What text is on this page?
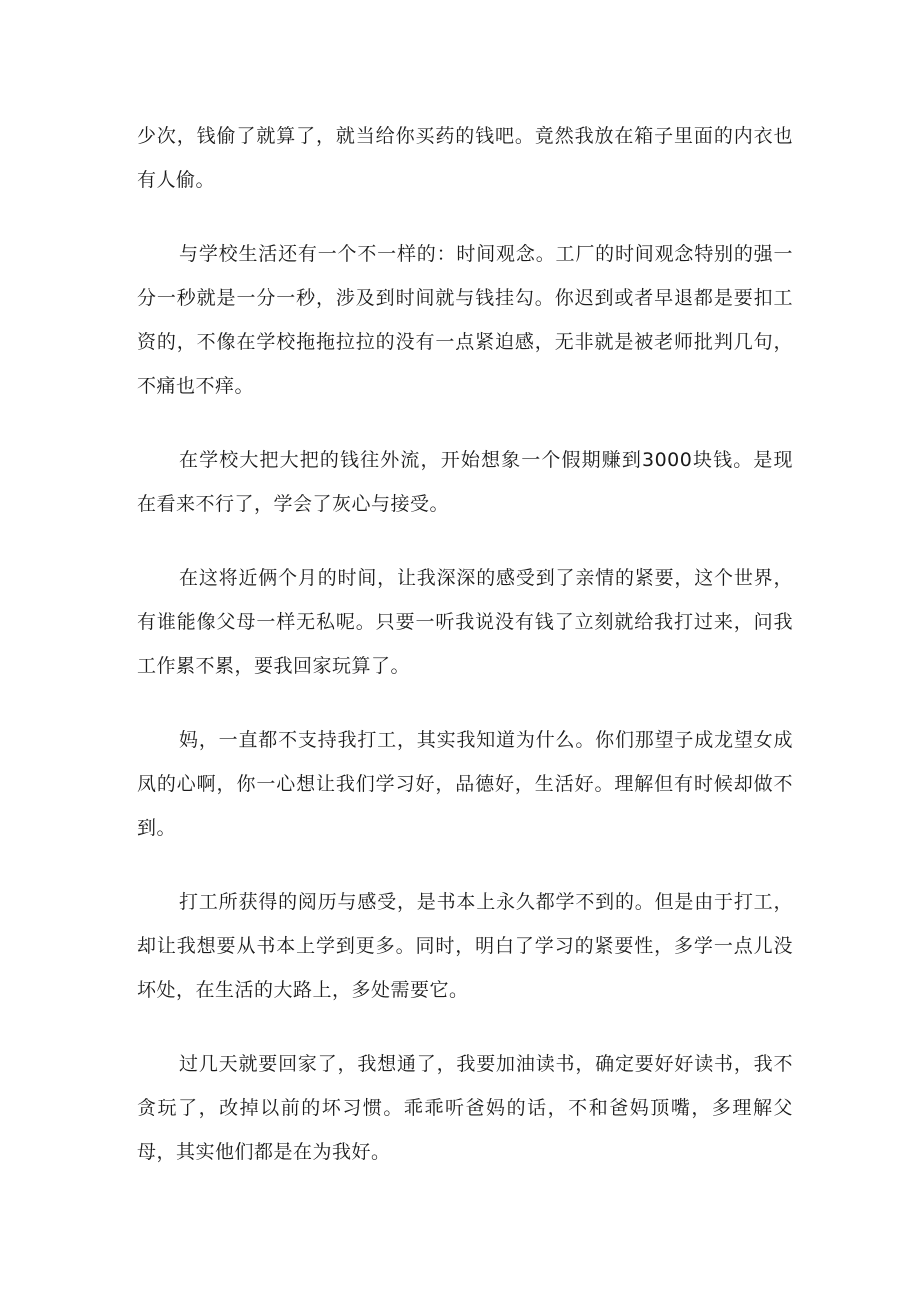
少次，钱偷了就算了，就当给你买药的钱吧。竟然我放在箱子里面的内衣也有人偷。

与学校生活还有一个不一样的：时间观念。工厂的时间观念特别的强一分一秒就是一分一秒，涉及到时间就与钱挂勾。你迟到或者早退都是要扣工资的，不像在学校拖拖拉拉的没有一点紧迫感，无非就是被老师批判几句，不痛也不痒。

在学校大把大把的钱往外流，开始想象一个假期赚到3000块钱。是现在看来不行了，学会了灰心与接受。

在这将近俩个月的时间，让我深深的感受到了亲情的紧要，这个世界，有谁能像父母一样无私呢。只要一听我说没有钱了立刻就给我打过来，问我工作累不累，要我回家玩算了。

妈，一直都不支持我打工，其实我知道为什么。你们那望子成龙望女成凤的心啊，你一心想让我们学习好，品德好，生活好。理解但有时候却做不到。

打工所获得的阅历与感受，是书本上永久都学不到的。但是由于打工，却让我想要从书本上学到更多。同时，明白了学习的紧要性，多学一点儿没坏处，在生活的大路上，多处需要它。

过几天就要回家了，我想通了，我要加油读书，确定要好好读书，我不贪玩了，改掉以前的坏习惯。乖乖听爸妈的话，不和爸妈顶嘴，多理解父母，其实他们都是在为我好。
